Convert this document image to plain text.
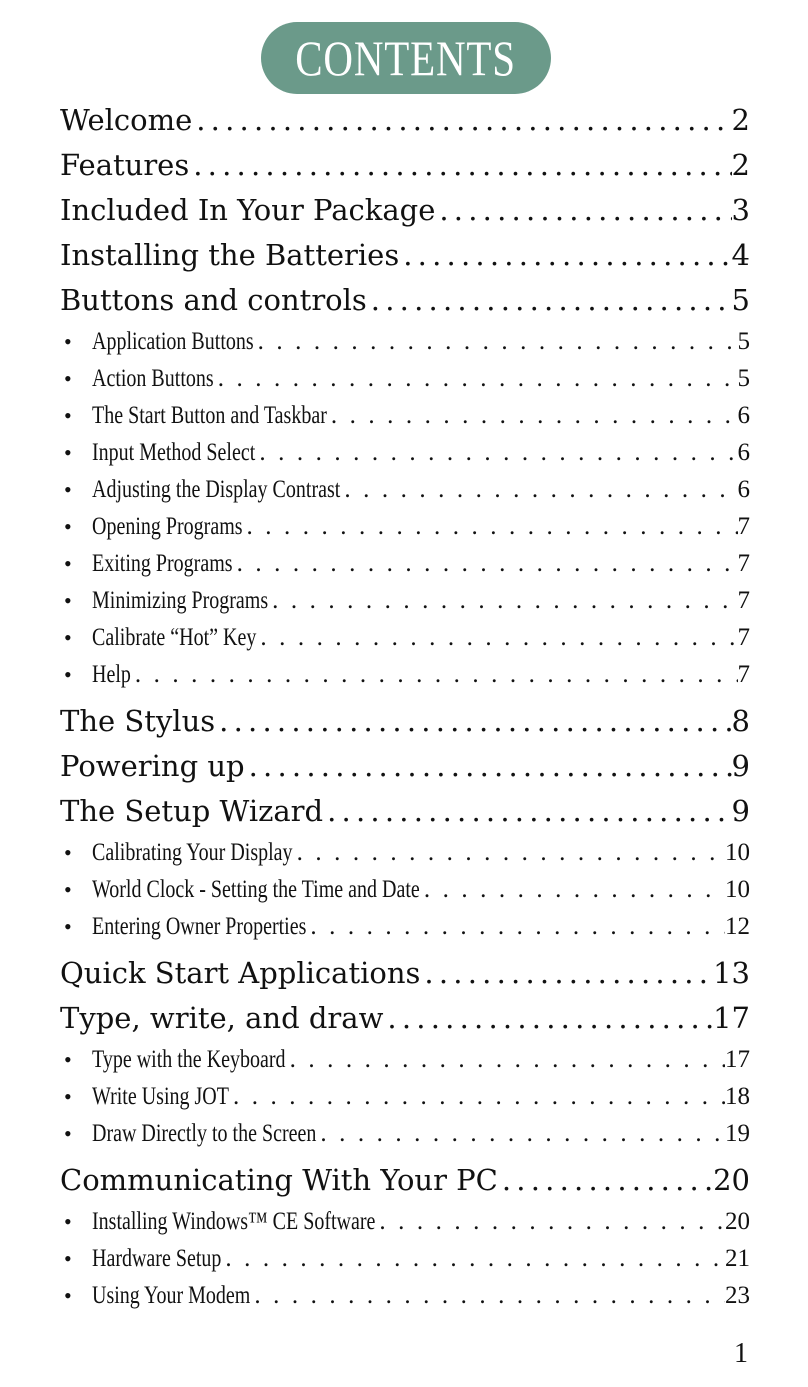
CONTENTS
Welcome . . .	2
Features . . .	2
Included In Your Package . . .	3
Installing the Batteries . . .	4
Buttons and controls . . .	5
• Application Buttons . .	5
• Action Buttons . .	5
• The Start Button and Taskbar . .	6
• Input Method Select . .	6
• Adjusting the Display Contrast . .	6
• Opening Programs . .	7
• Exiting Programs . .	7
• Minimizing Programs . .	7
• Calibrate “Hot” Key . .	7
• Help . .	7
The Stylus . . .	8
Powering up . . .	9
The Setup Wizard . . .	9
• Calibrating Your Display . .	10
• World Clock - Setting the Time and Date . .	10
• Entering Owner Properties . .	12
Quick Start Applications . . .	13
Type, write, and draw . . .	17
• Type with the Keyboard . .	17
• Write Using JOT . .	18
• Draw Directly to the Screen . .	19
Communicating With Your PC . . .	20
• Installing Windows™ CE Software . .	20
• Hardware Setup . .	21
• Using Your Modem . .	23
1
